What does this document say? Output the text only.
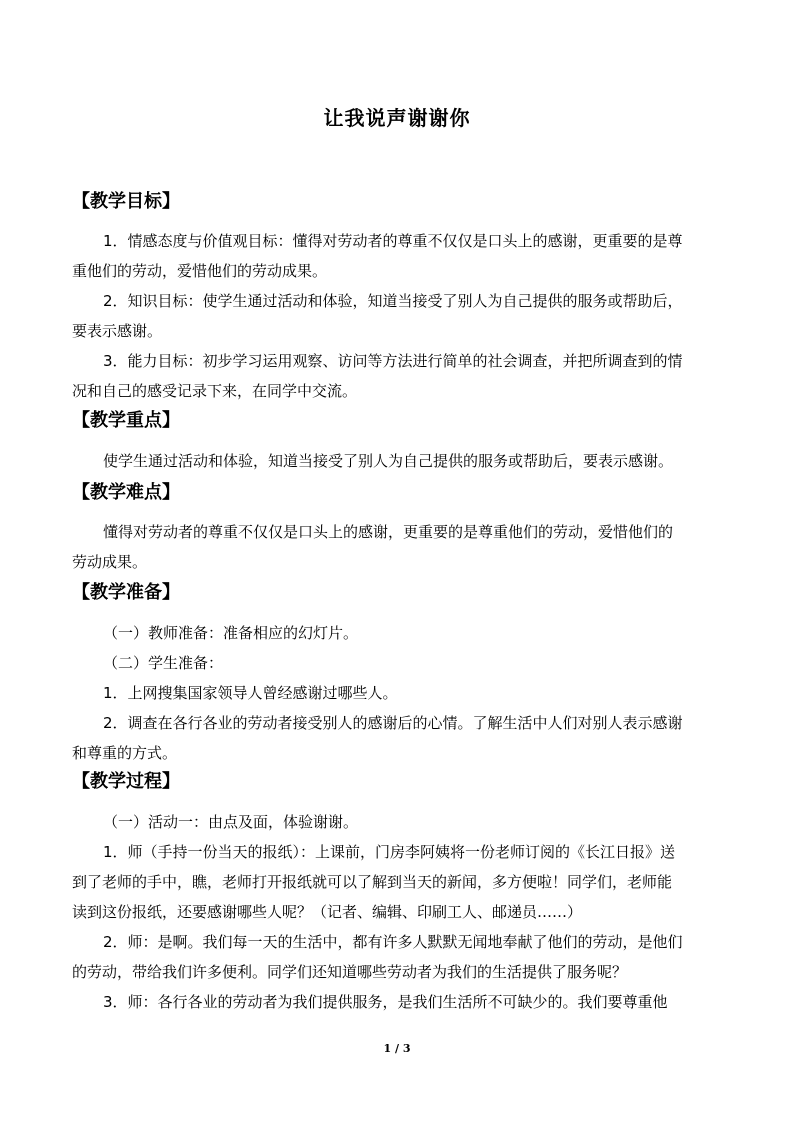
让我说声谢谢你
【教学目标】
1．情感态度与价值观目标：懂得对劳动者的尊重不仅仅是口头上的感谢，更重要的是尊
重他们的劳动，爱惜他们的劳动成果。
2．知识目标：使学生通过活动和体验，知道当接受了别人为自己提供的服务或帮助后，
要表示感谢。
3．能力目标：初步学习运用观察、访问等方法进行简单的社会调查，并把所调查到的情
况和自己的感受记录下来，在同学中交流。
【教学重点】
使学生通过活动和体验，知道当接受了别人为自己提供的服务或帮助后，要表示感谢。
【教学难点】
懂得对劳动者的尊重不仅仅是口头上的感谢，更重要的是尊重他们的劳动，爱惜他们的
劳动成果。
【教学准备】
（一）教师准备：准备相应的幻灯片。
（二）学生准备：
1．上网搜集国家领导人曾经感谢过哪些人。
2．调查在各行各业的劳动者接受别人的感谢后的心情。了解生活中人们对别人表示感谢
和尊重的方式。
【教学过程】
（一）活动一：由点及面，体验谢谢。
1．师（手持一份当天的报纸）：上课前，门房李阿姨将一份老师订阅的《长江日报》送
到了老师的手中，瞧，老师打开报纸就可以了解到当天的新闻，多方便啦！同学们，老师能
读到这份报纸，还要感谢哪些人呢？（记者、编辑、印刷工人、邮递员……）
2．师：是啊。我们每一天的生活中，都有许多人默默无闻地奉献了他们的劳动，是他们
的劳动，带给我们许多便利。同学们还知道哪些劳动者为我们的生活提供了服务呢？
3．师：各行各业的劳动者为我们提供服务，是我们生活所不可缺少的。我们要尊重他
1 / 3
